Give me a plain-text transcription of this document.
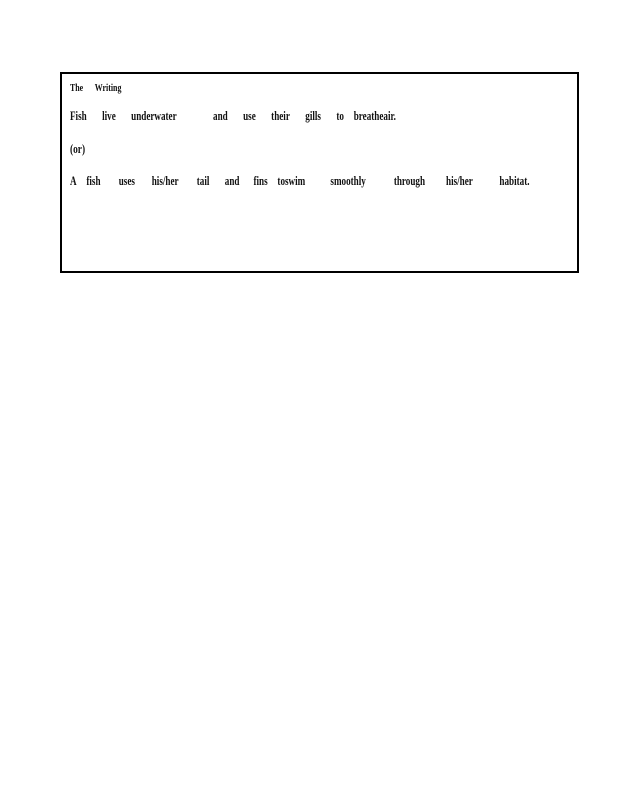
The Writing
Fish live underwater	and use their gills to breatheair.
(or)
A fish uses his/her tail and fins toswim smoothly through his/her habitat.
